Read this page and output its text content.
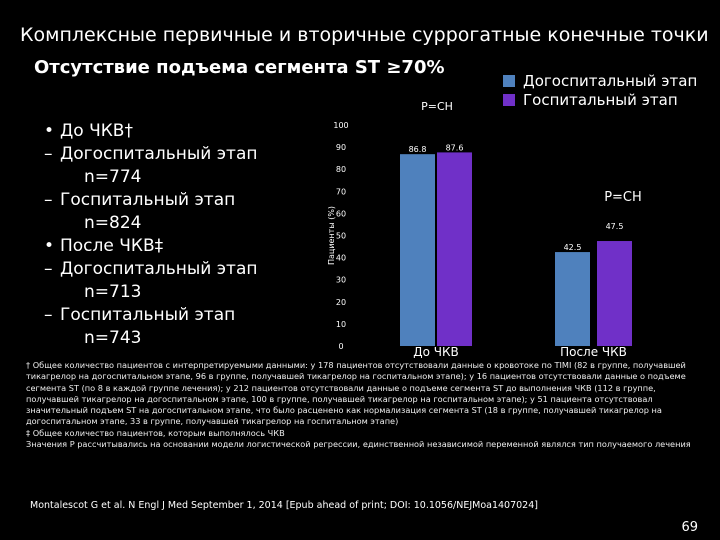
Комплексные первичные и вторичные суррогатные конечные точки
Отсутствие подъема сегмента ST ≥70%
Догоспитальный этап
Госпитальный этап
• До ЧКВ†
– Догоспитальный этап
n=774
– Госпитальный этап
n=824
• После ЧКВ‡
– Догоспитальный этап
n=713
– Госпитальный этап
n=743
Пациенты (%)
0
10
20
30
40
50
60
70
80
90
100
86.8 87.6
До ЧКВ
42.5
47.5
После ЧКВ
P=CH
P=CH
† Общее количество пациентов с интерпретируемыми данными: у 178 пациентов отсутствовали данные о кровотоке по TIMI (82 в группе, получавшей тикагрелор на догоспитальном этапе, 96 в группе, получавшей тикагрелор на госпитальном этапе); у 16 пациентов отсутствовали данные о подъеме сегмента ST (по 8 в каждой группе лечения); у 212 пациентов отсутствовали данные о подъеме сегмента ST до выполнения ЧКВ (112 в группе, получавшей тикагрелор на догоспитальном этапе, 100 в группе, получавшей тикагрелор на госпитальном этапе); у 51 пациента отсутствовал значительный подъем ST на догоспитальном этапе, что было расценено как нормализация сегмента ST (18 в группе, получавшей тикагрелор на догоспитальном этапе, 33 в группе, получавшей тикагрелор на госпитальном этапе)
‡ Общее количество пациентов, которым выполнялось ЧКВ
Значения P рассчитывались на основании модели логистической регрессии, единственной независимой переменной являлся тип получаемого лечения
Montalescot G et al. N Engl J Med September 1, 2014 [Epub ahead of print; DOI: 10.1056/NEJMoa1407024]
69
